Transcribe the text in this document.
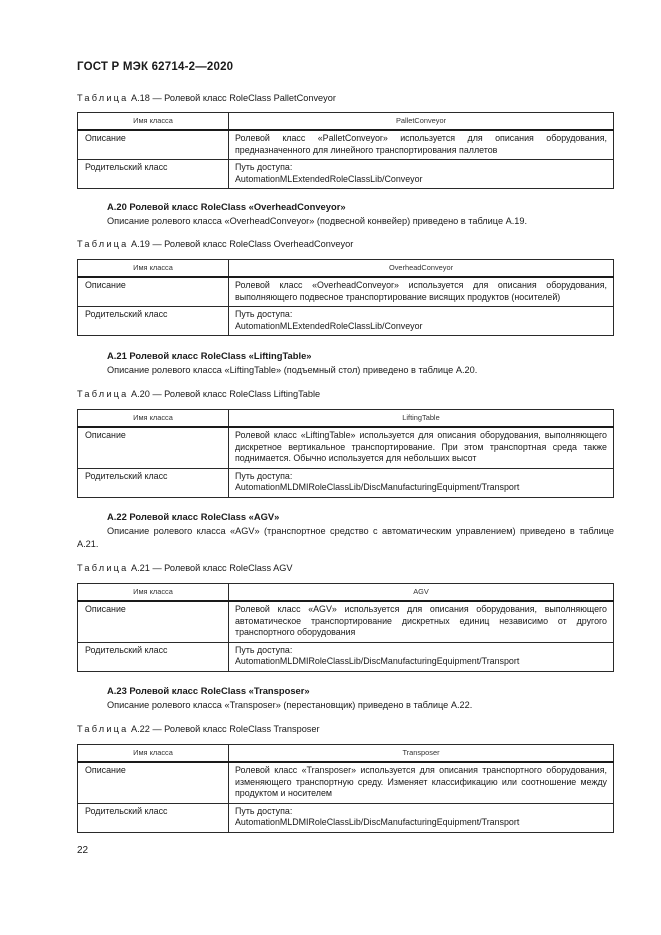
ГОСТ Р МЭК 62714-2—2020
Таблица А.18 — Ролевой класс RoleClass PalletConveyor
Имя класса	PalletConveyor
Описание	Ролевой класс «PalletConveyor» используется для описания оборудования, предназначенного для линейного транспортирования паллетов
Родительский класс	Путь доступа:
AutomationMLExtendedRoleClassLib/Conveyor
А.20 Ролевой класс RoleClass «OverheadConveyor»
Описание ролевого класса «OverheadConveyor» (подвесной конвейер) приведено в таблице А.19.
Таблица А.19 — Ролевой класс RoleClass OverheadConveyor
Имя класса	OverheadConveyor
Описание	Ролевой класс «OverheadConveyor» используется для описания оборудования, выполняющего подвесное транспортирование висящих продуктов (носителей)
Родительский класс	Путь доступа:
AutomationMLExtendedRoleClassLib/Conveyor
А.21 Ролевой класс RoleClass «LiftingTable»
Описание ролевого класса «LiftingTable» (подъемный стол) приведено в таблице А.20.
Таблица А.20 — Ролевой класс RoleClass LiftingTable
Имя класса	LiftingTable
Описание	Ролевой класс «LiftingTable» используется для описания оборудования, выполняющего дискретное вертикальное транспортирование. При этом транспортная среда также поднимается. Обычно используется для небольших высот
Родительский класс	Путь доступа:
AutomationMLDMIRoleClassLib/DiscManufacturingEquipment/Transport
А.22 Ролевой класс RoleClass «AGV»
Описание ролевого класса «AGV» (транспортное средство с автоматическим управлением) приведено в таблице А.21.
Таблица А.21 — Ролевой класс RoleClass AGV
Имя класса	AGV
Описание	Ролевой класс «AGV» используется для описания оборудования, выполняющего автоматическое транспортирование дискретных единиц независимо от другого транспортного оборудования
Родительский класс	Путь доступа:
AutomationMLDMIRoleClassLib/DiscManufacturingEquipment/Transport
А.23 Ролевой класс RoleClass «Transposer»
Описание ролевого класса «Transposer» (перестановщик) приведено в таблице А.22.
Таблица А.22 — Ролевой класс RoleClass Transposer
Имя класса	Transposer
Описание	Ролевой класс «Transposer» используется для описания транспортного оборудования, изменяющего транспортную среду. Изменяет классификацию или соотношение между продуктом и носителем
Родительский класс	Путь доступа:
AutomationMLDMIRoleClassLib/DiscManufacturingEquipment/Transport
22
